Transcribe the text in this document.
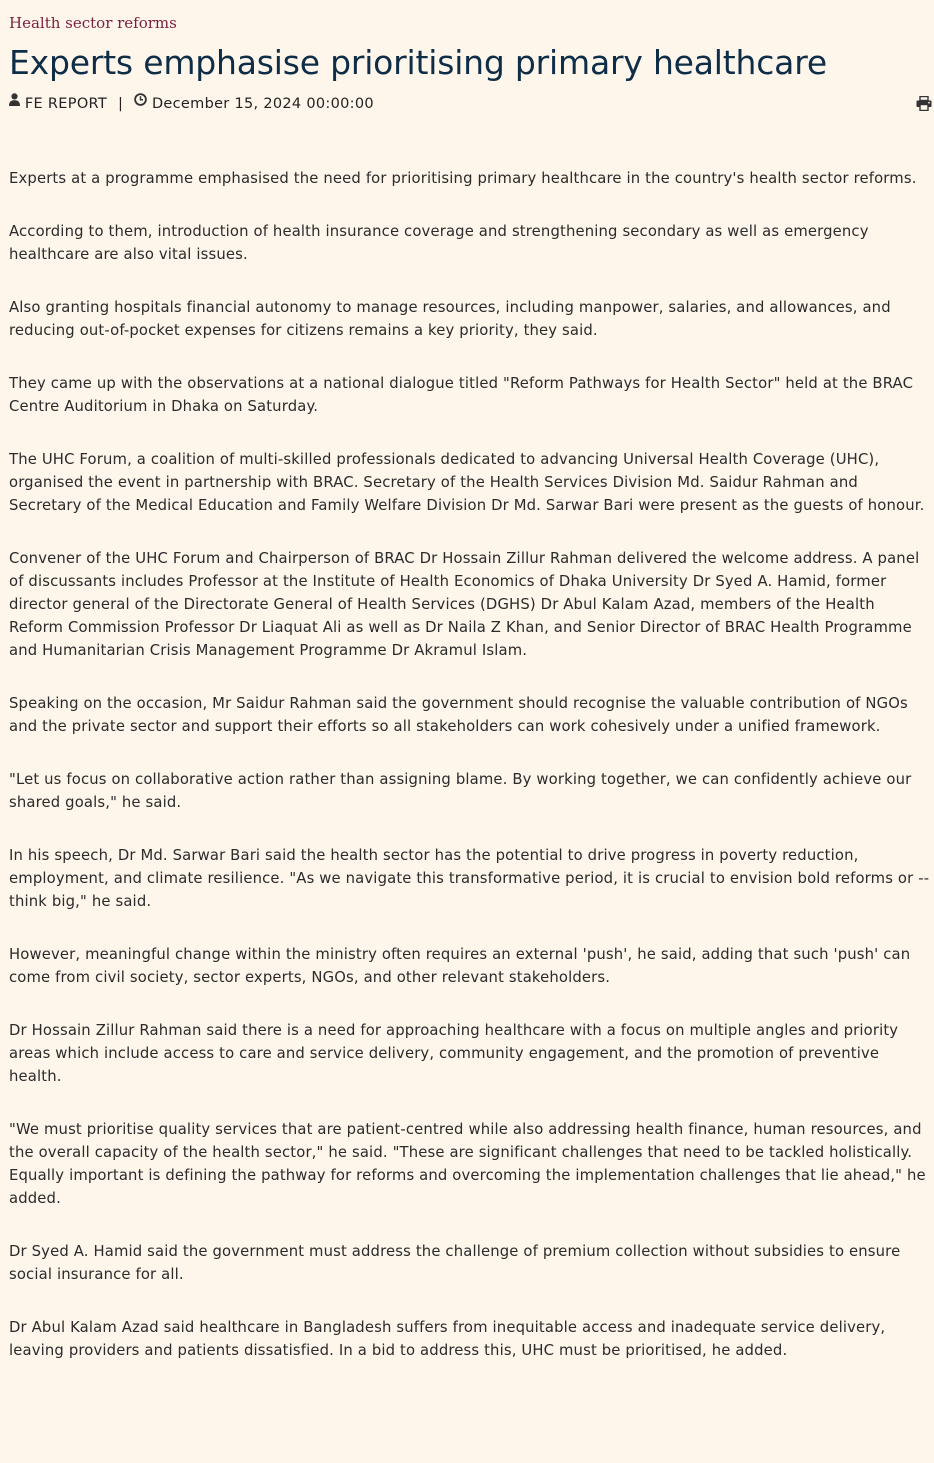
Health sector reforms
Experts emphasise prioritising primary healthcare
FE REPORT | December 15, 2024 00:00:00

Experts at a programme emphasised the need for prioritising primary healthcare in the country's health sector reforms.

According to them, introduction of health insurance coverage and strengthening secondary as well as emergency healthcare are also vital issues.

Also granting hospitals financial autonomy to manage resources, including manpower, salaries, and allowances, and reducing out-of-pocket expenses for citizens remains a key priority, they said.

They came up with the observations at a national dialogue titled "Reform Pathways for Health Sector" held at the BRAC Centre Auditorium in Dhaka on Saturday.

The UHC Forum, a coalition of multi-skilled professionals dedicated to advancing Universal Health Coverage (UHC), organised the event in partnership with BRAC. Secretary of the Health Services Division Md. Saidur Rahman and Secretary of the Medical Education and Family Welfare Division Dr Md. Sarwar Bari were present as the guests of honour.

Convener of the UHC Forum and Chairperson of BRAC Dr Hossain Zillur Rahman delivered the welcome address. A panel of discussants includes Professor at the Institute of Health Economics of Dhaka University Dr Syed A. Hamid, former director general of the Directorate General of Health Services (DGHS) Dr Abul Kalam Azad, members of the Health Reform Commission Professor Dr Liaquat Ali as well as Dr Naila Z Khan, and Senior Director of BRAC Health Programme and Humanitarian Crisis Management Programme Dr Akramul Islam.

Speaking on the occasion, Mr Saidur Rahman said the government should recognise the valuable contribution of NGOs and the private sector and support their efforts so all stakeholders can work cohesively under a unified framework.

"Let us focus on collaborative action rather than assigning blame. By working together, we can confidently achieve our shared goals," he said.

In his speech, Dr Md. Sarwar Bari said the health sector has the potential to drive progress in poverty reduction, employment, and climate resilience. "As we navigate this transformative period, it is crucial to envision bold reforms or --think big," he said.

However, meaningful change within the ministry often requires an external 'push', he said, adding that such 'push' can come from civil society, sector experts, NGOs, and other relevant stakeholders.

Dr Hossain Zillur Rahman said there is a need for approaching healthcare with a focus on multiple angles and priority areas which include access to care and service delivery, community engagement, and the promotion of preventive health.

"We must prioritise quality services that are patient-centred while also addressing health finance, human resources, and the overall capacity of the health sector," he said. "These are significant challenges that need to be tackled holistically. Equally important is defining the pathway for reforms and overcoming the implementation challenges that lie ahead," he added.

Dr Syed A. Hamid said the government must address the challenge of premium collection without subsidies to ensure social insurance for all.

Dr Abul Kalam Azad said healthcare in Bangladesh suffers from inequitable access and inadequate service delivery, leaving providers and patients dissatisfied. In a bid to address this, UHC must be prioritised, he added.
